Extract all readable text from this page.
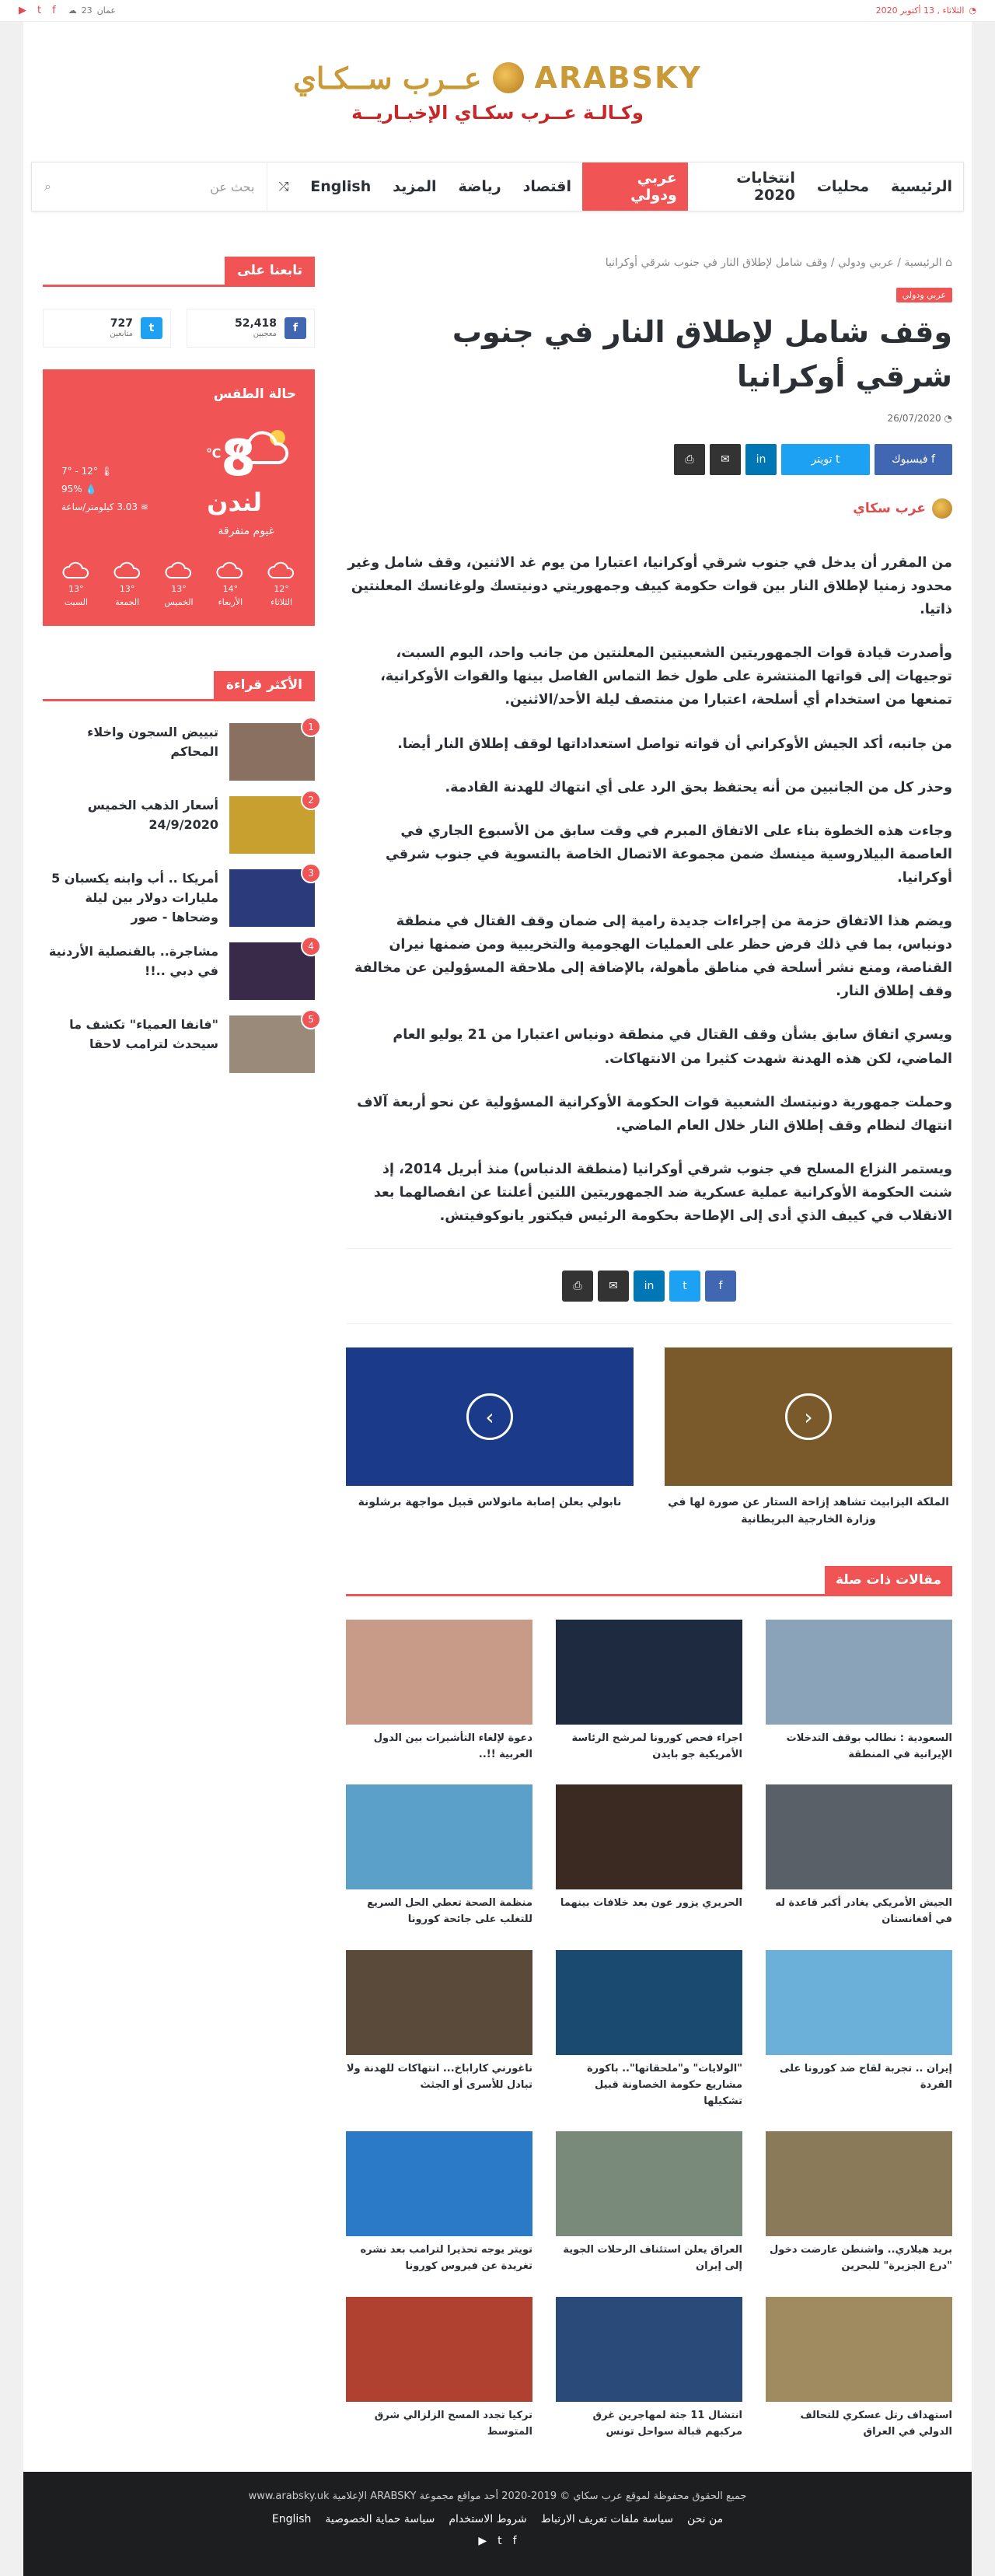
◔
الثلاثاء , 13 أكتوبر 2020
▶ t f	عمان
23
☁
عــرب ســكـاي ARABSKY
وكـالـة عــرب سكـاي الإخبـاريــة
الرئيسية
محليات
انتخابات 2020
عربي ودولي
اقتصاد
رياضة
المزيد
English
⤮
بحث عن
⌕
⌂ الرئيسية / عربي ودولي / وقف شامل لإطلاق النار في جنوب شرقي أوكرانيا
عربي ودولي
وقف شامل لإطلاق النار في جنوب شرقي أوكرانيا
◔ 26/07/2020
f
فيسبوك
t
تويتر
in
✉
⎙
عرب سكاي

من المقرر أن يدخل في جنوب شرقي أوكرانيا، اعتبارا من يوم غد الاثنين، وقف شامل وغير محدود زمنيا لإطلاق النار بين قوات حكومة كييف وجمهوريتي دونيتسك ولوغانسك المعلنتين ذاتيا.

وأصدرت قيادة قوات الجمهوريتين الشعبيتين المعلنتين من جانب واحد، اليوم السبت، توجيهات إلى قواتها المنتشرة على طول خط التماس الفاصل بينها والقوات الأوكرانية، تمنعها من استخدام أي أسلحة، اعتبارا من منتصف ليلة الأحد/الاثنين.

من جانبه، أكد الجيش الأوكراني أن قواته تواصل استعداداتها لوقف إطلاق النار أيضا.

وحذر كل من الجانبين من أنه يحتفظ بحق الرد على أي انتهاك للهدنة القادمة.

وجاءت هذه الخطوة بناء على الاتفاق المبرم في وقت سابق من الأسبوع الجاري في العاصمة البيلاروسية مينسك ضمن مجموعة الاتصال الخاصة بالتسوية في جنوب شرقي أوكرانيا.

ويضم هذا الاتفاق حزمة من إجراءات جديدة رامية إلى ضمان وقف القتال في منطقة دونباس، بما في ذلك فرض حظر على العمليات الهجومية والتخريبية ومن ضمنها نيران القناصة، ومنع نشر أسلحة في مناطق مأهولة، بالإضافة إلى ملاحقة المسؤولين عن مخالفة وقف إطلاق النار.

ويسري اتفاق سابق بشأن وقف القتال في منطقة دونباس اعتبارا من 21 يوليو العام الماضي، لكن هذه الهدنة شهدت كثيرا من الانتهاكات.

وحملت جمهورية دونيتسك الشعبية قوات الحكومة الأوكرانية المسؤولية عن نحو أربعة آلاف انتهاك لنظام وقف إطلاق النار خلال العام الماضي.

ويستمر النزاع المسلح في جنوب شرقي أوكرانيا (منطقة الدنباس) منذ أبريل 2014، إذ شنت الحكومة الأوكرانية عملية عسكرية ضد الجمهوريتين اللتين أعلنتا عن انفصالهما بعد الانقلاب في كييف الذي أدى إلى الإطاحة بحكومة الرئيس فيكتور يانوكوفيتش.

⎙	✉	in	t	f
‹
الملكة اليزابيث تشاهد إزاحة الستار عن صورة لها في وزارة الخارجية البريطانية
›
نابولي يعلن إصابة مانولاس قبيل مواجهة برشلونة
مقالات ذات صلة
السعودية : نطالب بوقف التدخلات الإيرانية في المنطقة
اجراء فحص كورونا لمرشح الرئاسة الأمريكية جو بايدن
دعوة لإلغاء التأشيرات بين الدول العربية !!..
الجيش الأمريكي يغادر أكبر قاعدة له في أفغانستان
الحريري يزور عون بعد خلافات بينهما
منظمة الصحة تعطي الحل السريع للتغلب على جائحة كورونا
إيران .. تجربة لقاح ضد كورونا على القردة
"الولايات" و"ملحقاتها".. باكورة مشاريع حكومة الخصاونة قبيل تشكيلها
ناغورني كاراباخ... انتهاكات للهدنة ولا تبادل للأسرى أو الجثث
بريد هيلاري.. واشنطن عارضت دخول "درع الجزيرة" للبحرين
العراق يعلن استئناف الرحلات الجوية إلى إيران
تويتر يوجه تحذيرا لترامب بعد نشره تغريدة عن فيروس كورونا
استهداف رتل عسكري للتحالف الدولي في العراق
انتشال 11 جثة لمهاجرين غرق مركبهم قبالة سواحل تونس
تركيا تجدد المسح الزلزالي شرق المتوسط
تابعنا على
f
52,418
معجبين
t
727
متابعين
حالة الطقس
8℃
لندن
غيوم متفرقة
🌡 12° - 7°
💧 95%
≋ 3.03 كيلومتر/ساعة
12°
الثلاثاء
14°
الأربعاء
13°
الخميس
13°
الجمعة
13°
السبت
الأكثر قراءة
1
تبييض السجون واخلاء المحاكم
2
أسعار الذهب الخميس 24/9/2020
3
أمريكا .. أب وابنه يكسبان 5 مليارات دولار بين ليلة وضحاها - صور
4
مشاجرة.. بالقنصلية الأردنية في دبي ..!!
5
"فانفا العمياء" تكشف ما سيحدث لترامب لاحقا
جميع الحقوق محفوظة لموقع عرب سكاي © 2019-2020 أحد مواقع مجموعة ARABSKY الإعلامية www.arabsky.uk
من نحن
سياسة ملفات تعريف الارتباط
شروط الاستخدام
سياسة حماية الخصوصية
English
f
t
▶
